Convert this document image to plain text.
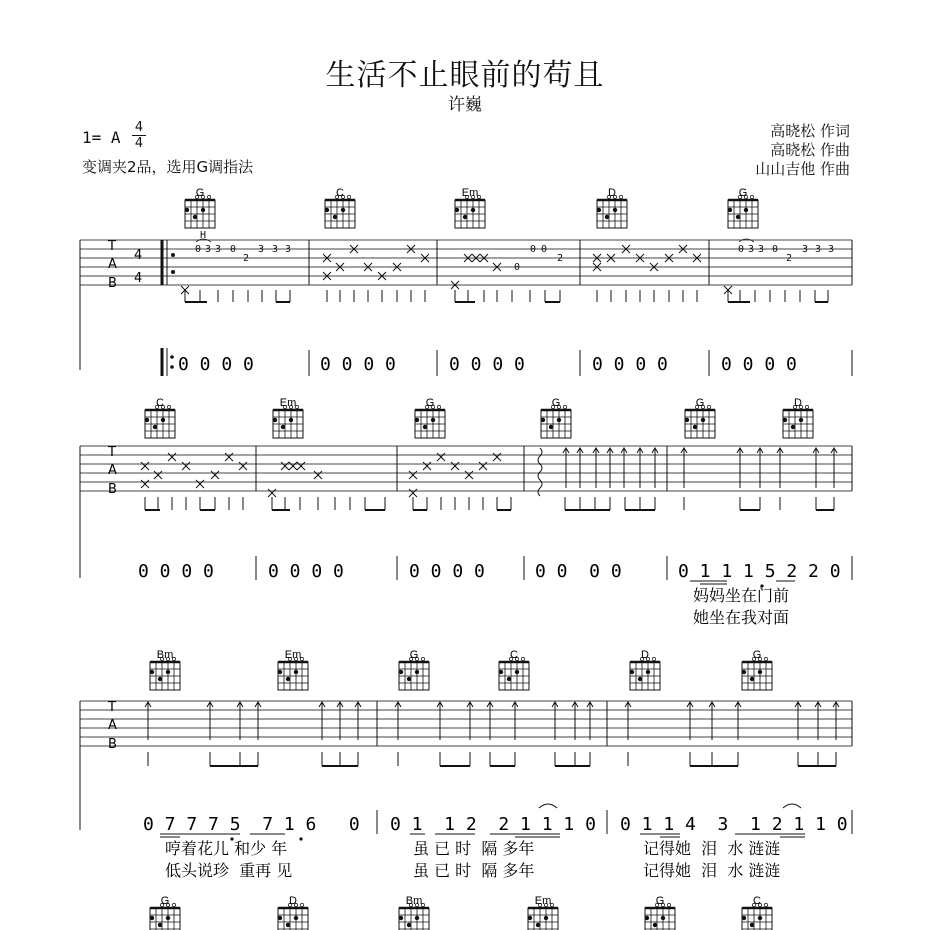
生活不止眼前的苟且
许巍
1= A
4
4
变调夹2品，选用G调指法
高晓松 作词
高晓松 作曲
山山吉他 作曲
T
A
B
4
4
H
0 3 3 0
2
3 3 3
0
0
2
0	0 3 3 0
2
3 3 3
0 0 0 0	0 0 0 0	0 0 0 0	0 0 0 0	0 0 0 0
T
A
B
0 0 0 0	0 0 0 0	0 0 0 0	0 0  0 0	0 1 1 1 5 2 2 0
妈妈坐在门前
她坐在我对面
T
A
B
0 7 7 7 5  7 1 6   0 0 1  1 2  2 1 1 1 0 0 1 1 4  3  1 2 1 1 0
哼着花儿 和少 年	虽 已 时  隔 多年	记得她  泪  水 涟涟
低头说珍  重再 见	虽 已 时  隔 多年	记得她  泪  水 涟涟
G	C	Em	D	G
C	Em	G	G	G	D
Bm	Em	G	C	D	G
G	D	Bm	Em	G	C
